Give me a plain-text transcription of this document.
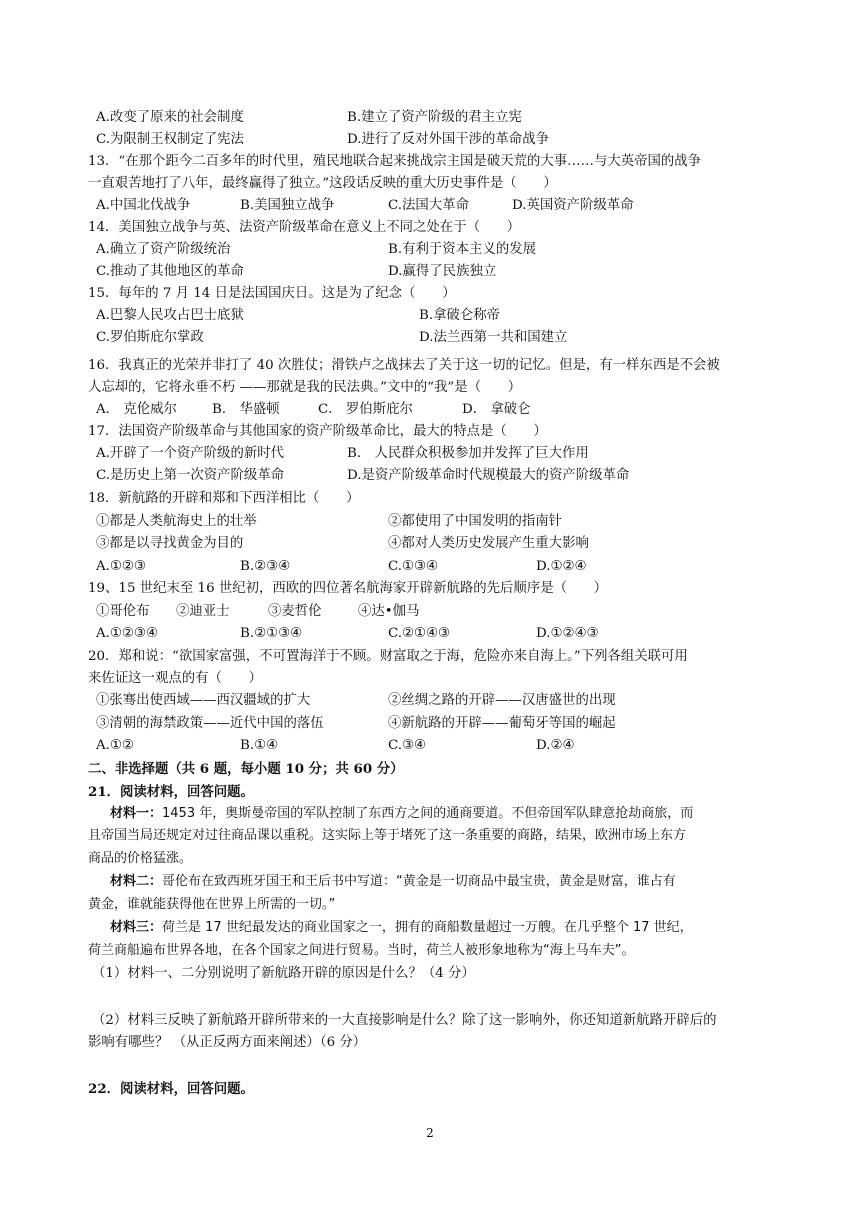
A.改变了原来的社会制度	B.建立了资产阶级的君主立宪
C.为限制王权制定了宪法	D.进行了反对外国干涉的革命战争
13．“在那个距今二百多年的时代里，殖民地联合起来挑战宗主国是破天荒的大事……与大英帝国的战争
一直艰苦地打了八年，最终赢得了独立。”这段话反映的重大历史事件是（　　）
A.中国北伐战争	B.美国独立战争	C.法国大革命	D.英国资产阶级革命
14．美国独立战争与英、法资产阶级革命在意义上不同之处在于（　　）
A.确立了资产阶级统治	B.有利于资本主义的发展
C.推动了其他地区的革命	D.赢得了民族独立
15．每年的 7 月 14 日是法国国庆日。这是为了纪念（　　）
A.巴黎人民攻占巴士底狱	B.拿破仑称帝
C.罗伯斯庇尔掌政	D.法兰西第一共和国建立
16．我真正的光荣并非打了 40 次胜仗；滑铁卢之战抹去了关于这一切的记忆。但是，有一样东西是不会被
人忘却的，它将永垂不朽 ——那就是我的民法典。”文中的“我”是（　　）
A． 克伦威尔	B． 华盛顿	C． 罗伯斯庇尔	D． 拿破仑
17．法国资产阶级革命与其他国家的资产阶级革命比，最大的特点是（　　）
A.开辟了一个资产阶级的新时代	B． 人民群众积极参加并发挥了巨大作用
C.是历史上第一次资产阶级革命	D.是资产阶级革命时代规模最大的资产阶级革命
18．新航路的开辟和郑和下西洋相比（　　）
①都是人类航海史上的壮举	②都使用了中国发明的指南针
③都是以寻找黄金为目的	④都对人类历史发展产生重大影响
A.①②③	B.②③④	C.①③④	D.①②④
19、15 世纪末至 16 世纪初，西欧的四位著名航海家开辟新航路的先后顺序是（　　）
①哥伦布 ②迪亚士	③麦哲伦	④达•伽马
A.①②③④	B.②①③④	C.②①④③	D.①②④③
20．郑和说：“欲国家富强，不可置海洋于不顾。财富取之于海，危险亦来自海上。”下列各组关联可用
来佐证这一观点的有（　　）
①张骞出使西域——西汉疆域的扩大	②丝绸之路的开辟——汉唐盛世的出现
③清朝的海禁政策——近代中国的落伍	④新航路的开辟——葡萄牙等国的崛起
A.①②	B.①④	C.③④	D.②④
二、非选择题（共 6 题，每小题 10 分；共 60 分）
21．阅读材料，回答问题。
材料一：1453 年，奥斯曼帝国的军队控制了东西方之间的通商要道。不但帝国军队肆意抢劫商旅，而
且帝国当局还规定对过往商品课以重税。这实际上等于堵死了这一条重要的商路，结果，欧洲市场上东方
商品的价格猛涨。
材料二：哥伦布在致西班牙国王和王后书中写道：“黄金是一切商品中最宝贵，黄金是财富，谁占有
黄金，谁就能获得他在世界上所需的一切。”
材料三：荷兰是 17 世纪最发达的商业国家之一，拥有的商船数量超过一万艘。在几乎整个 17 世纪，
荷兰商船遍布世界各地，在各个国家之间进行贸易。当时，荷兰人被形象地称为“海上马车夫”。
（1）材料一、二分别说明了新航路开辟的原因是什么？（4 分）
（2）材料三反映了新航路开辟所带来的一大直接影响是什么？除了这一影响外，你还知道新航路开辟后的
影响有哪些？ （从正反两方面来阐述）（6 分）
22．阅读材料，回答问题。
2
